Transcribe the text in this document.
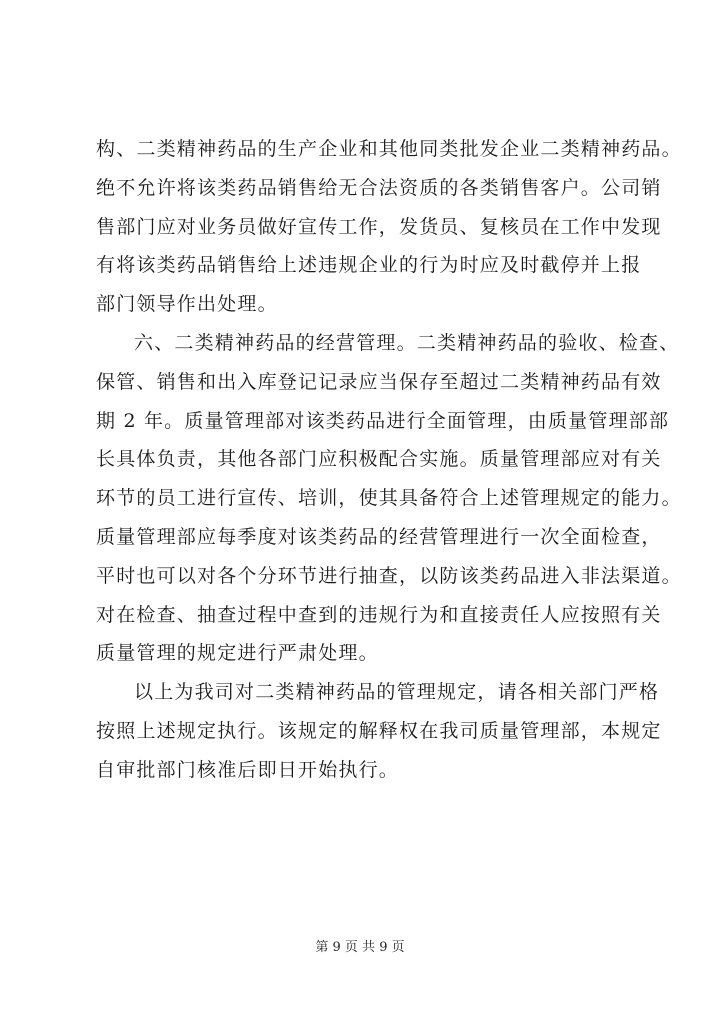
构、二类精神药品的生产企业和其他同类批发企业二类精神药品。
绝不允许将该类药品销售给无合法资质的各类销售客户。公司销
售部门应对业务员做好宣传工作，发货员、复核员在工作中发现
有将该类药品销售给上述违规企业的行为时应及时截停并上报
部门领导作出处理。
六、二类精神药品的经营管理。二类精神药品的验收、检查、
保管、销售和出入库登记记录应当保存至超过二类精神药品有效
期 2 年。质量管理部对该类药品进行全面管理，由质量管理部部
长具体负责，其他各部门应积极配合实施。质量管理部应对有关
环节的员工进行宣传、培训，使其具备符合上述管理规定的能力。
质量管理部应每季度对该类药品的经营管理进行一次全面检查，
平时也可以对各个分环节进行抽查，以防该类药品进入非法渠道。
对在检查、抽查过程中查到的违规行为和直接责任人应按照有关
质量管理的规定进行严肃处理。
以上为我司对二类精神药品的管理规定，请各相关部门严格
按照上述规定执行。该规定的解释权在我司质量管理部，本规定
自审批部门核准后即日开始执行。
第 9 页 共 9 页
